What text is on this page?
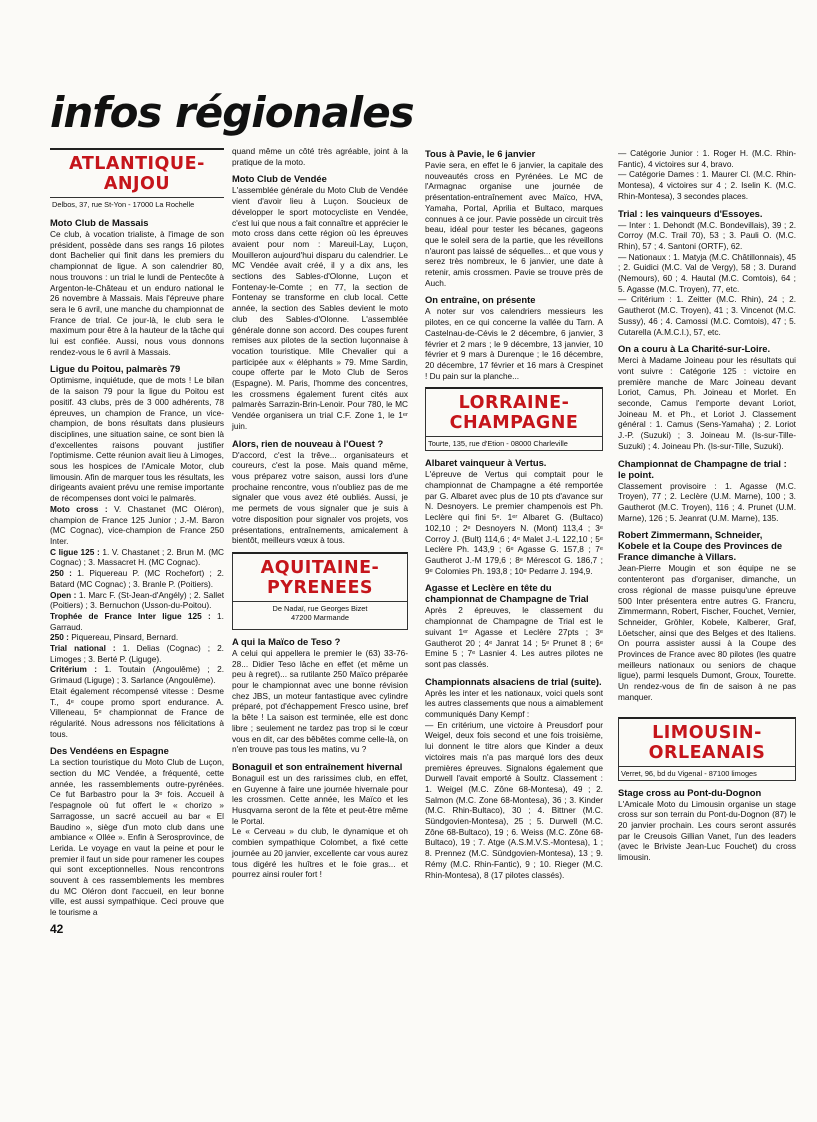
infos régionales
ATLANTIQUE-ANJOU
Delbos, 37, rue St-Yon - 17000 La Rochelle
Moto Club de Massais

Ce club, à vocation trialiste, à l'image de son président, possède dans ses rangs 16 pilotes dont Bachelier qui finit dans les premiers du championnat de ligue. A son calendrier 80, nous trouvons : un trial le lundi de Pentecôte à Argenton-le-Château et un enduro national le 26 novembre à Massais. Mais l'épreuve phare sera le 6 avril, une manche du championnat de France de trial. Ce jour-là, le club sera le maximum pour être à la hauteur de la tâche qui lui est confiée. Aussi, nous vous donnons rendez-vous le 6 avril à Massais.

Ligue du Poitou, palmarès 79

Optimisme, inquiétude, que de mots ! Le bilan de la saison 79 pour la ligue du Poitou est positif. 43 clubs, près de 3 000 adhérents, 78 épreuves, un champion de France, un vice-champion, de bons résultats dans plusieurs disciplines, une situation saine, ce sont bien là d'excellentes raisons pouvant justifier l'optimisme. Cette réunion avait lieu à Limoges, sous les hospices de l'Amicale Motor, club limousin. Afin de marquer tous les résultats, les dirigeants avaient prévu une remise importante de récompenses dont voici le palmarès.

Moto cross : V. Chastanet (MC Oléron), champion de France 125 Junior ; J.-M. Baron (MC Cognac), vice-champion de France 250 Inter.

C ligue 125 : 1. V. Chastanet ; 2. Brun M. (MC Cognac) ; 3. Massacret H. (MC Cognac).

250 : 1. Piquereau P. (MC Rochefort) ; 2. Batard (MC Cognac) ; 3. Branle P. (Poitiers).

Open : 1. Marc F. (St-Jean-d'Angély) ; 2. Sallet (Poitiers) ; 3. Bernuchon (Usson-du-Poitou).

Trophée de France Inter ligue 125 : 1. Garraud.

250 : Piquereau, Pinsard, Bernard.

Trial national : 1. Delias (Cognac) ; 2. Limoges ; 3. Berté P. (Liguge).

Critérium : 1. Toutain (Angoulême) ; 2. Grimaud (Liguge) ; 3. Sarlance (Angoulême).

Etait également récompensé vitesse : Desme T., 4ᵉ coupe promo sport endurance. A. Villeneau, 5ᵉ championnat de France de régularité. Nous adressons nos félicitations à tous.

Des Vendéens en Espagne

La section touristique du Moto Club de Luçon, section du MC Vendée, a fréquenté, cette année, les rassemblements outre-pyrénées. Ce fut Barbastro pour la 3ᵉ fois. Accueil à l'espagnole où fut offert le « chorizo » Sarragosse, un sacré accueil au bar « El Baudino », siège d'un moto club dans une ambiance « Ollée ». Enfin à Serosprovince, de Lerida. Le voyage en vaut la peine et pour le premier il faut un side pour ramener les coupes qui sont exceptionnelles. Nous rencontrons souvent à ces rassemblements les membres du MC Oléron dont l'accueil, en leur bonne ville, est aussi sympathique. Ceci prouve que le tourisme a

42

quand même un côté très agréable, joint à la pratique de la moto.

Moto Club de Vendée

L'assemblée générale du Moto Club de Vendée vient d'avoir lieu à Luçon. Soucieux de développer le sport motocycliste en Vendée, c'est lui que nous a fait connaître et apprécier le moto cross dans cette région où les épreuves avaient pour nom : Mareuil-Lay, Luçon, Mouilleron aujourd'hui disparu du calendrier. Le MC Vendée avait créé, il y a dix ans, les sections des Sables-d'Olonne, Luçon et Fontenay-le-Comte ; en 77, la section de Fontenay se transforme en club local. Cette année, la section des Sables devient le moto club des Sables-d'Olonne. L'assemblée générale donne son accord. Des coupes furent remises aux pilotes de la section luçonnaise à vocation touristique. Mlle Chevalier qui a participée aux « éléphants » 79. Mme Sardin, coupe offerte par le Moto Club de Seros (Espagne). M. Paris, l'homme des concentres, les crossmens également furent cités aux palmarès Sarrazin-Brin-Lenoir. Pour 780, le MC Vendée organisera un trial C.F. Zone 1, le 1ᵉʳ juin.

Alors, rien de nouveau à l'Ouest ?

D'accord, c'est la trêve... organisateurs et coureurs, c'est la pose. Mais quand même, vous préparez votre saison, aussi lors d'une prochaine rencontre, vous n'oubliez pas de me signaler que vous avez été oubliés. Aussi, je me permets de vous signaler que je suis à votre disposition pour signaler vos projets, vos présentations, entraînements, amicalement à bientôt, meilleurs vœux à tous.

AQUITAINE-PYRENEES
De Nadaï, rue Georges Bizet
47200 Marmande
A qui la Maïco de Teso ?

A celui qui appellera le premier le (63) 33-76-28... Didier Teso lâche en effet (et même un peu à regret)... sa rutilante 250 Maïco préparée pour le championnat avec une bonne révision chez JBS, un moteur fantastique avec cylindre préparé, pot d'échappement Fresco usine, bref la bête ! La saison est terminée, elle est donc libre ; seulement ne tardez pas trop si le cœur vous en dit, car des bêbêtes comme celle-là, on n'en trouve pas tous les matins, vu ?

Bonaguil et son entraînement hivernal

Bonaguil est un des rarissimes club, en effet, en Guyenne à faire une journée hivernale pour les crossmen. Cette année, les Maïco et les Husqvarna seront de la fête et peut-être même le Portal.

Le « Cerveau » du club, le dynamique et oh combien sympathique Colombet, a fixé cette journée au 20 janvier, excellente car vous aurez tous digéré les huîtres et le foie gras... et pourrez ainsi rouler fort !

Tous à Pavie, le 6 janvier

Pavie sera, en effet le 6 janvier, la capitale des nouveautés cross en Pyrénées. Le MC de l'Armagnac organise une journée de présentation-entraînement avec Maïco, HVA, Yamaha, Portal, Aprilia et Bultaco, marques connues à ce jour. Pavie possède un circuit très beau, idéal pour tester les bécanes, gageons que le soleil sera de la partie, que les réveillons n'auront pas laissé de séquelles... et que vous y serez très nombreux, le 6 janvier, une date à retenir, amis crossmen. Pavie se trouve près de Auch.

On entraîne, on présente

A noter sur vos calendriers messieurs les pilotes, en ce qui concerne la vallée du Tarn. A Castelnau-de-Cévis le 2 décembre, 6 janvier, 3 février et 2 mars ; le 9 décembre, 13 janvier, 10 février et 9 mars à Durenque ; le 16 décembre, 20 décembre, 17 février et 16 mars à Crespinet ! Du pain sur la planche...

LORRAINE-CHAMPAGNE
Tourte, 135, rue d'Etion - 08000 Charleville
Albaret vainqueur à Vertus.

L'épreuve de Vertus qui comptait pour le championnat de Champagne a été remportée par G. Albaret avec plus de 10 pts d'avance sur N. Desnoyers. Le premier champenois est Ph. Leclère qui fini 5ᵉ. 1ᵉʳ Albaret G. (Bultaco) 102,10 ; 2ᵉ Desnoyers N. (Mont) 113,4 ; 3ᵉ Corroy J. (Bult) 114,6 ; 4ᵉ Malet J.-L 122,10 ; 5ᵉ Leclère Ph. 143,9 ; 6ᵉ Agasse G. 157,8 ; 7ᵉ Gautherot J.-M 179,6 ; 8ᵉ Mérescot G. 186,7 ; 9ᵉ Colomies Ph. 193,8 ; 10ᵉ Pedarre J. 194,9.

Agasse et Leclère en tête du championnat de Champagne de Trial

Après 2 épreuves, le classement du championnat de Champagne de Trial est le suivant 1ᵉʳ Agasse et Leclère 27pts ; 3ᵉ Gautherot 20 ; 4ᵉ Janrat 14 ; 5ᵉ Prunet 8 ; 6ᵉ Emine 5 ; 7ᵉ Lasnier 4. Les autres pilotes ne sont pas classés.

Championnats alsaciens de trial (suite).

Après les inter et les nationaux, voici quels sont les autres classements que nous a aimablement communiqués Dany Kempf :

— En critérium, une victoire à Preusdorf pour Weigel, deux fois second et une fois troisième, lui donnent le titre alors que Kinder a deux victoires mais n'a pas marqué lors des deux premières épreuves. Signalons également que Durwell l'avait emporté à Soultz. Classement : 1. Weigel (M.C. Zône 68-Montesa), 49 ; 2. Salmon (M.C. Zone 68-Montesa), 36 ; 3. Kinder (M.C. Rhin-Bultaco), 30 ; 4. Bittner (M.C. Sündgovien-Montesa), 25 ; 5. Durwell (M.C. Zône 68-Bultaco), 19 ; 6. Weiss (M.C. Zône 68-Bultaco), 19 ; 7. Atge (A.S.M.V.S.-Montesa), 1 ; 8. Prennez (M.C. Sündgovien-Montesa), 13 ; 9. Rémy (M.C. Rhin-Fantic), 9 ; 10. Rieger (M.C. Rhin-Montesa), 8 (17 pilotes classés).

— Catégorie Junior : 1. Roger H. (M.C. Rhin-Fantic), 4 victoires sur 4, bravo.

— Catégorie Dames : 1. Maurer Cl. (M.C. Rhin-Montesa), 4 victoires sur 4 ; 2. Iselin K. (M.C. Rhin-Montesa), 3 secondes places.

Trial : les vainqueurs d'Essoyes.

— Inter : 1. Dehondt (M.C. Bondevillais), 39 ; 2. Corroy (M.C. Trail 70), 53 ; 3. Pauli O. (M.C. Rhin), 57 ; 4. Santoni (ORTF), 62.

— Nationaux : 1. Matyja (M.C. Châtillonnais), 45 ; 2. Guidici (M.C. Val de Vergy), 58 ; 3. Durand (Nemours), 60 ; 4. Hautal (M.C. Comtois), 64 ; 5. Agasse (M.C. Troyen), 77, etc.

— Critérium : 1. Zeitter (M.C. Rhin), 24 ; 2. Gautherot (M.C. Troyen), 41 ; 3. Vincenot (M.C. Sussy), 46 ; 4. Camossi (M.C. Comtois), 47 ; 5. Cutarella (A.M.C.I.), 57, etc.

On a couru à La Charité-sur-Loire.

Merci à Madame Joineau pour les résultats qui vont suivre : Catégorie 125 : victoire en première manche de Marc Joineau devant Loriot, Camus, Ph. Joineau et Morlet. En seconde, Camus l'emporte devant Loriot, Joineau M. et Ph., et Loriot J. Classement général : 1. Camus (Sens-Yamaha) ; 2. Loriot J.-P. (Suzuki) ; 3. Joineau M. (Is-sur-Tille-Suzuki) ; 4. Joineau Ph. (Is-sur-Tille, Suzuki).

Championnat de Champagne de trial : le point.

Classement provisoire : 1. Agasse (M.C. Troyen), 77 ; 2. Leclère (U.M. Marne), 100 ; 3. Gautherot (M.C. Troyen), 116 ; 4. Prunet (U.M. Marne), 126 ; 5. Jeanrat (U.M. Marne), 135.

Robert Zimmermann, Schneider, Kobele et la Coupe des Provinces de France dimanche à Villars.

Jean-Pierre Mougin et son équipe ne se contenteront pas d'organiser, dimanche, un cross régional de masse puisqu'une épreuve 500 Inter présentera entre autres G. Francru, Zimmermann, Robert, Fischer, Fouchet, Vernier, Schneider, Gröhler, Kobele, Kalberer, Graf, Löetscher, ainsi que des Belges et des Italiens. On pourra assister aussi à la Coupe des Provinces de France avec 80 pilotes (les quatre meilleurs nationaux ou seniors de chaque ligue), parmi lesquels Dumont, Groux, Tourette. Un rendez-vous de fin de saison à ne pas manquer.

LIMOUSIN-ORLEANAIS
Verret, 96, bd du Vigenal - 87100 limoges
Stage cross au Pont-du-Dognon

L'Amicale Moto du Limousin organise un stage cross sur son terrain du Pont-du-Dognon (87) le 20 janvier prochain. Les cours seront assurés par le Creusois Gillian Vanet, l'un des leaders (avec le Briviste Jean-Luc Fouchet) du cross limousin.
